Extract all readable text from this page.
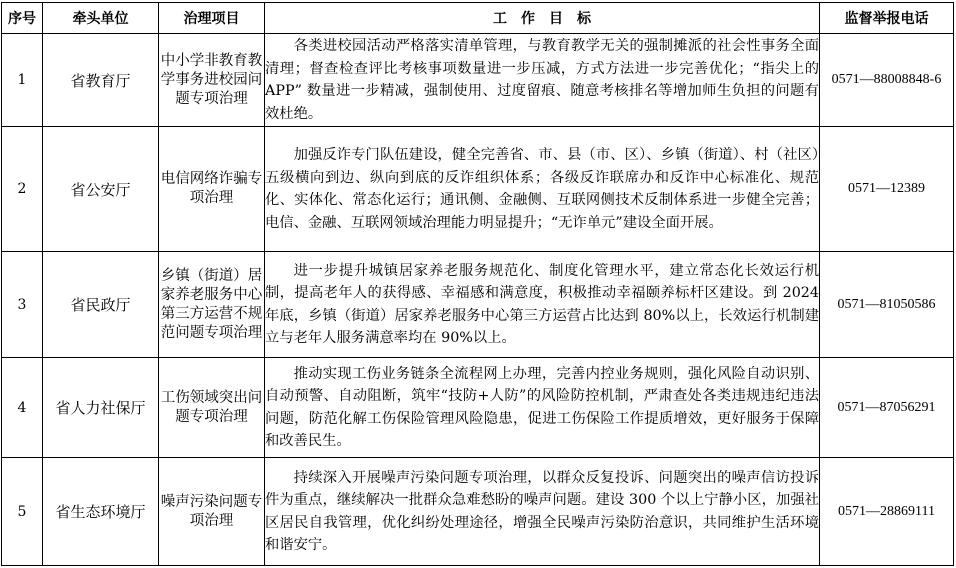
序号	牵头单位	治理项目	工作目标	监督举报电话
1	省教育厅	中小学非教育教学事务进校园问题专项治理	各类进校园活动严格落实清单管理，与教育教学无关的强制摊派的社会性事务全面清理；督查检查评比考核事项数量进一步压减，方式方法进一步完善优化；“指尖上的 APP” 数量进一步精减，强制使用、过度留痕、随意考核排名等增加师生负担的问题有效杜绝。	0571—88008848-6
2	省公安厅	电信网络诈骗专项治理	加强反诈专门队伍建设，健全完善省、市、县（市、区）、乡镇（街道）、村（社区）五级横向到边、纵向到底的反诈组织体系；各级反诈联席办和反诈中心标准化、规范化、实体化、常态化运行；通讯侧、金融侧、互联网侧技术反制体系进一步健全完善；电信、金融、互联网领域治理能力明显提升；“无诈单元”建设全面开展。	0571—12389
3	省民政厅	乡镇（街道）居家养老服务中心第三方运营不规范问题专项治理	进一步提升城镇居家养老服务规范化、制度化管理水平，建立常态化长效运行机制，提高老年人的获得感、幸福感和满意度，积极推动幸福颐养标杆区建设。到 2024 年底，乡镇（街道）居家养老服务中心第三方运营占比达到 80%以上，长效运行机制建立与老年人服务满意率均在 90%以上。	0571—81050586
4	省人力社保厅	工伤领域突出问题专项治理	推动实现工伤业务链条全流程网上办理，完善内控业务规则，强化风险自动识别、自动预警、自动阻断，筑牢“技防+人防”的风险防控机制，严肃查处各类违规违纪违法问题，防范化解工伤保险管理风险隐患，促进工伤保险工作提质增效，更好服务于保障和改善民生。	0571—87056291
5	省生态环境厅	噪声污染问题专项治理	持续深入开展噪声污染问题专项治理，以群众反复投诉、问题突出的噪声信访投诉件为重点，继续解决一批群众急难愁盼的噪声问题。建设 300 个以上宁静小区，加强社区居民自我管理，优化纠纷处理途径，增强全民噪声污染防治意识，共同维护生活环境和谐安宁。	0571—28869111
